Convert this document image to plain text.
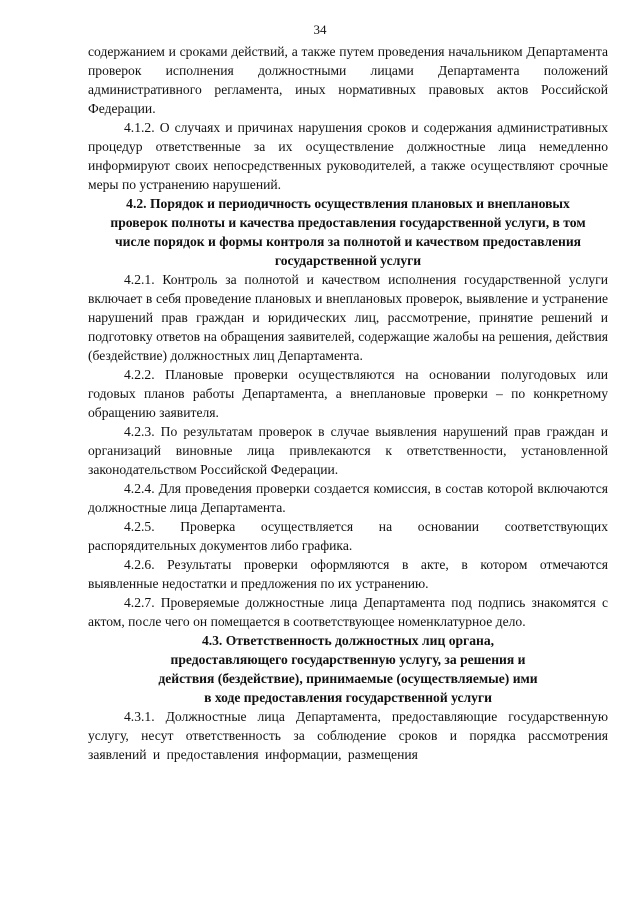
34

содержанием и сроками действий, а также путем проведения начальником Департамента проверок исполнения должностными лицами Департамента положений административного регламента, иных нормативных правовых актов Российской Федерации.

4.1.2. О случаях и причинах нарушения сроков и содержания административных процедур ответственные за их осуществление должностные лица немедленно информируют своих непосредственных руководителей, а также осуществляют срочные меры по устранению нарушений.

4.2. Порядок и периодичность осуществления плановых и внеплановых проверок полноты и качества предоставления государственной услуги, в том числе порядок и формы контроля за полнотой и качеством предоставления государственной услуги

4.2.1. Контроль за полнотой и качеством исполнения государственной услуги включает в себя проведение плановых и внеплановых проверок, выявление и устранение нарушений прав граждан и юридических лиц, рассмотрение, принятие решений и подготовку ответов на обращения заявителей, содержащие жалобы на решения, действия (бездействие) должностных лиц Департамента.

4.2.2. Плановые проверки осуществляются на основании полугодовых или годовых планов работы Департамента, а внеплановые проверки – по конкретному обращению заявителя.

4.2.3. По результатам проверок в случае выявления нарушений прав граждан и организаций виновные лица привлекаются к ответственности, установленной законодательством Российской Федерации.

4.2.4. Для проведения проверки создается комиссия, в состав которой включаются должностные лица Департамента.

4.2.5. Проверка осуществляется на основании соответствующих распорядительных документов либо графика.

4.2.6. Результаты проверки оформляются в акте, в котором отмечаются выявленные недостатки и предложения по их устранению.

4.2.7. Проверяемые должностные лица Департамента под подпись знакомятся с актом, после чего он помещается в соответствующее номенклатурное дело.

4.3. Ответственность должностных лиц органа, предоставляющего государственную услугу, за решения и действия (бездействие), принимаемые (осуществляемые) ими в ходе предоставления государственной услуги

4.3.1. Должностные лица Департамента, предоставляющие государственную услугу, несут ответственность за соблюдение сроков и порядка рассмотрения заявлений и предоставления информации, размещения
